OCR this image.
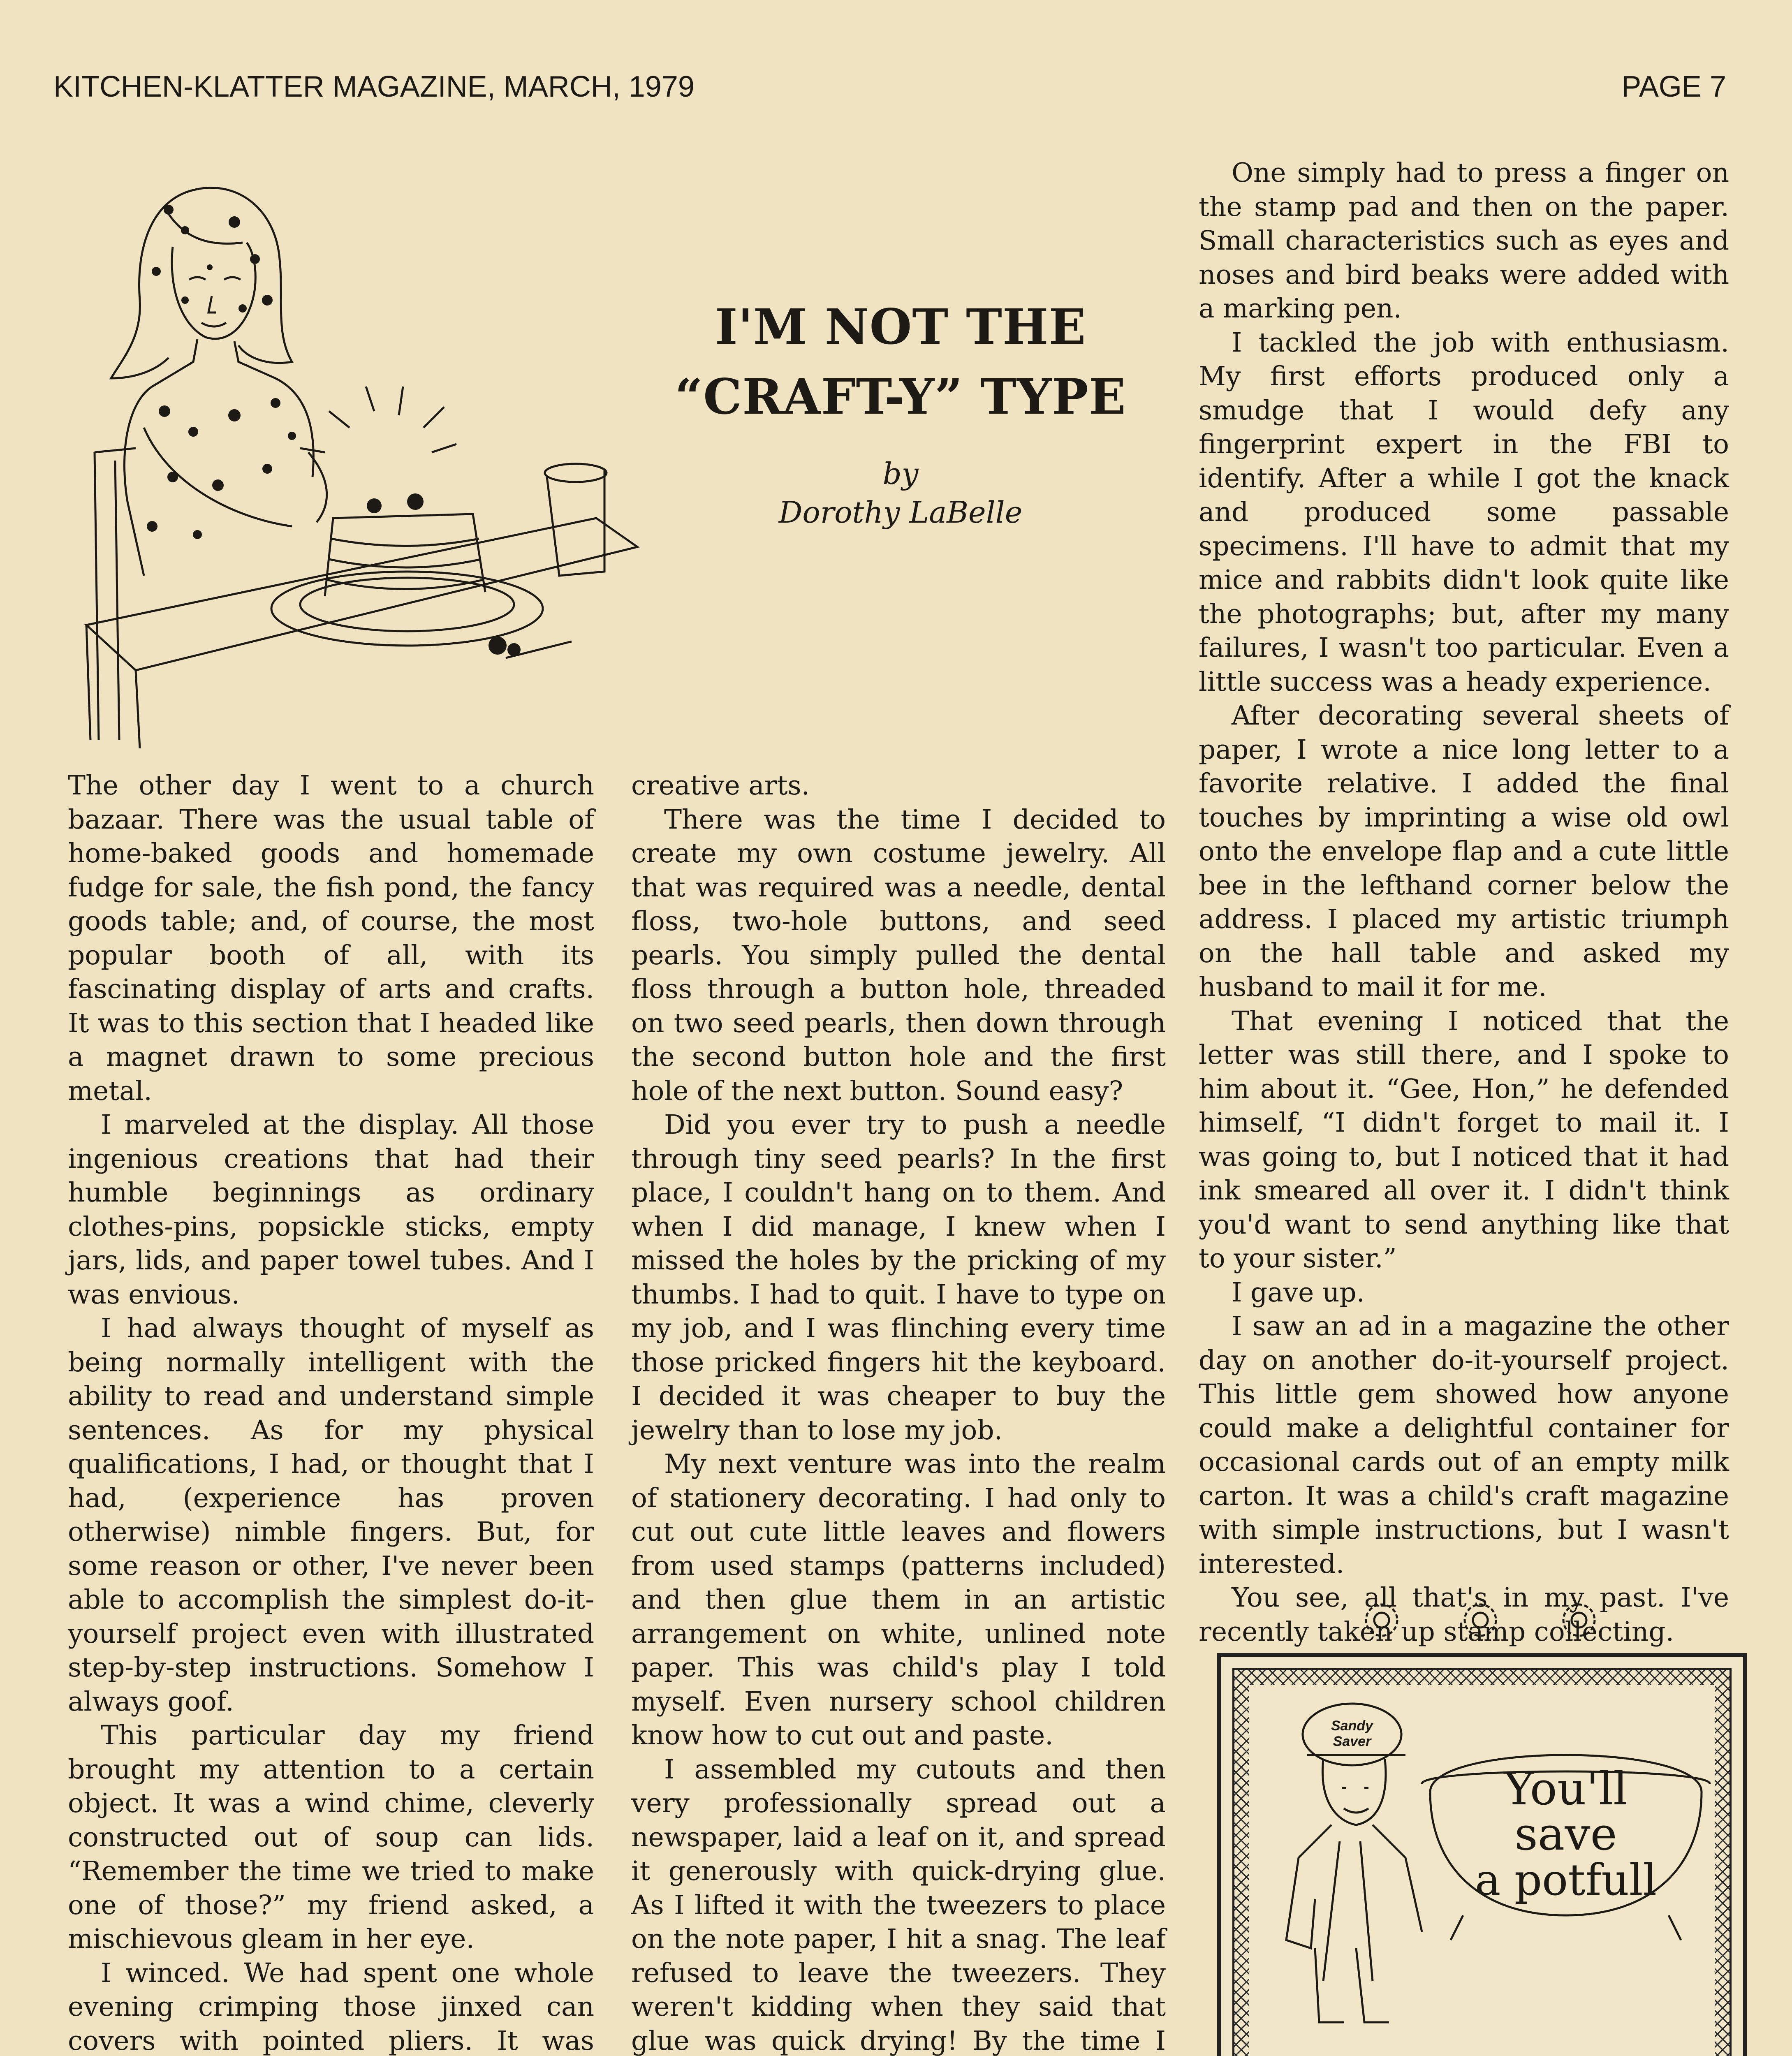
KITCHEN-KLATTER MAGAZINE, MARCH, 1979	PAGE 7
I'M NOT THE
“CRAFT-Y” TYPE
by
Dorothy LaBelle

The other day I went to a church bazaar. There was the usual table of home-baked goods and homemade fudge for sale, the fish pond, the fancy goods table; and, of course, the most popular booth of all, with its fascinating display of arts and crafts. It was to this section that I headed like a magnet drawn to some precious metal.

I marveled at the display. All those ingenious creations that had their humble beginnings as ordinary clothes-pins, popsickle sticks, empty jars, lids, and paper towel tubes. And I was envious.

I had always thought of myself as being normally intelligent with the ability to read and understand simple sentences. As for my physical qualifications, I had, or thought that I had, (experience has proven otherwise) nimble fingers. But, for some reason or other, I've never been able to accomplish the simplest do-it-yourself project even with illustrated step-by-step instructions. Somehow I always goof.

This particular day my friend brought my attention to a certain object. It was a wind chime, cleverly constructed out of soup can lids. “Remember the time we tried to make one of those?” my friend asked, a mischievous gleam in her eye.

I winced. We had spent one whole evening crimping those jinxed can covers with pointed pliers. It was

creative arts.

There was the time I decided to create my own costume jewelry. All that was required was a needle, dental floss, two-hole buttons, and seed pearls. You simply pulled the dental floss through a button hole, threaded on two seed pearls, then down through the second button hole and the first hole of the next button. Sound easy?

Did you ever try to push a needle through tiny seed pearls? In the first place, I couldn't hang on to them. And when I did manage, I knew when I missed the holes by the pricking of my thumbs. I had to quit. I have to type on my job, and I was flinching every time those pricked fingers hit the keyboard. I decided it was cheaper to buy the jewelry than to lose my job.

My next venture was into the realm of stationery decorating. I had only to cut out cute little leaves and flowers from used stamps (patterns included) and then glue them in an artistic arrangement on white, unlined note paper. This was child's play I told myself. Even nursery school children know how to cut out and paste.

I assembled my cutouts and then very professionally spread out a newspaper, laid a leaf on it, and spread it generously with quick-drying glue. As I lifted it with the tweezers to place on the note paper, I hit a snag. The leaf refused to leave the tweezers. They weren't kidding when they said that glue was quick drying! By the time I

One simply had to press a finger on the stamp pad and then on the paper. Small characteristics such as eyes and noses and bird beaks were added with a marking pen.

I tackled the job with enthusiasm. My first efforts produced only a smudge that I would defy any fingerprint expert in the FBI to identify. After a while I got the knack and produced some passable specimens. I'll have to admit that my mice and rabbits didn't look quite like the photographs; but, after my many failures, I wasn't too particular. Even a little success was a heady experience.

After decorating several sheets of paper, I wrote a nice long letter to a favorite relative. I added the final touches by imprinting a wise old owl onto the envelope flap and a cute little bee in the lefthand corner below the address. I placed my artistic triumph on the hall table and asked my husband to mail it for me.

That evening I noticed that the letter was still there, and I spoke to him about it. “Gee, Hon,” he defended himself, “I didn't forget to mail it. I was going to, but I noticed that it had ink smeared all over it. I didn't think you'd want to send anything like that to your sister.”

I gave up.

I saw an ad in a magazine the other day on another do-it-yourself project. This little gem showed how anyone could make a delightful container for occasional cards out of an empty milk carton. It was a child's craft magazine with simple instructions, but I wasn't interested.

You see, all that's in my past. I've recently taken up stamp collecting.

Sandy
Saver
You'll
save
a potfull
